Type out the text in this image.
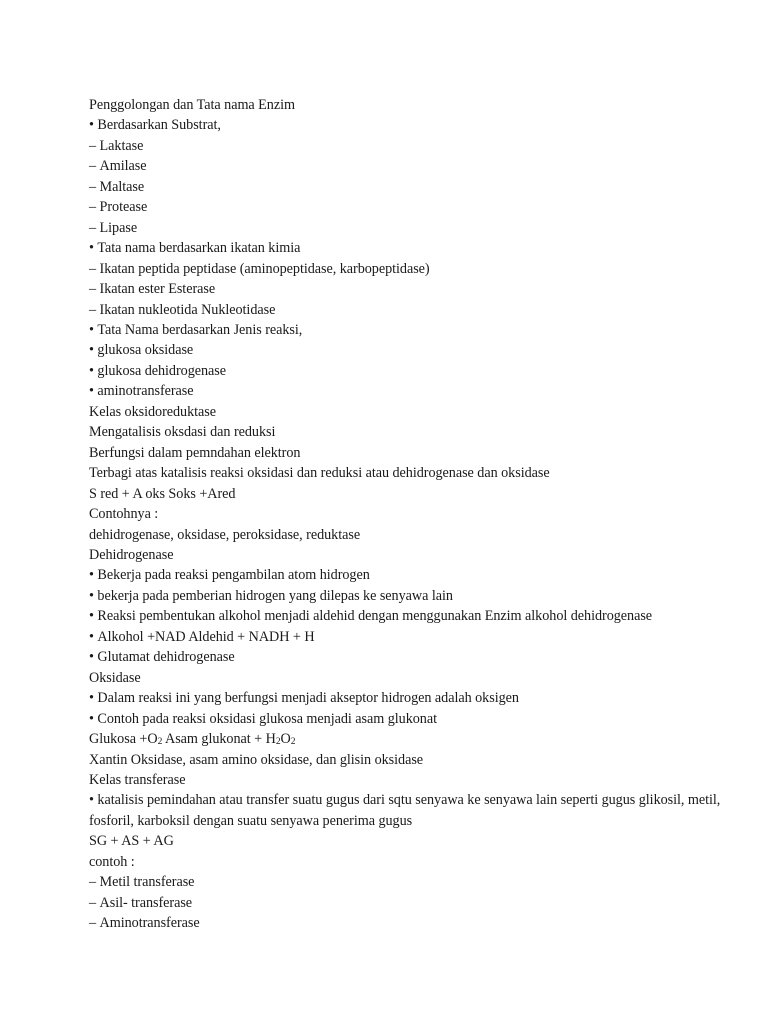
Penggolongan dan Tata nama Enzim
• Berdasarkan Substrat,
– Laktase
– Amilase
– Maltase
– Protease
– Lipase
• Tata nama berdasarkan ikatan kimia
– Ikatan peptida peptidase (aminopeptidase, karbopeptidase)
– Ikatan ester Esterase
– Ikatan nukleotida Nukleotidase
• Tata Nama berdasarkan Jenis reaksi,
• glukosa oksidase
• glukosa dehidrogenase
• aminotransferase
Kelas oksidoreduktase
Mengatalisis oksdasi dan reduksi
Berfungsi dalam pemndahan elektron
Terbagi atas katalisis reaksi oksidasi dan reduksi atau dehidrogenase dan oksidase
S red + A oks Soks +Ared
Contohnya :
dehidrogenase, oksidase, peroksidase, reduktase
Dehidrogenase
• Bekerja pada reaksi pengambilan atom hidrogen
• bekerja pada pemberian hidrogen yang dilepas ke senyawa lain
• Reaksi pembentukan alkohol menjadi aldehid dengan menggunakan Enzim alkohol dehidrogenase
• Alkohol +NAD Aldehid + NADH + H
• Glutamat dehidrogenase
Oksidase
• Dalam reaksi ini yang berfungsi menjadi akseptor hidrogen adalah oksigen
• Contoh pada reaksi oksidasi glukosa menjadi asam glukonat
Glukosa $+O_2$ Asam glukonat + $H_2O_2$
Xantin Oksidase, asam amino oksidase, dan glisin oksidase
Kelas transferase
• katalisis pemindahan atau transfer suatu gugus dari sqtu senyawa ke senyawa lain seperti gugus glikosil, metil, fosforil, karboksil dengan suatu senyawa penerima gugus
SG + AS + AG
contoh :
– Metil transferase
– Asil- transferase
– Aminotransferase
